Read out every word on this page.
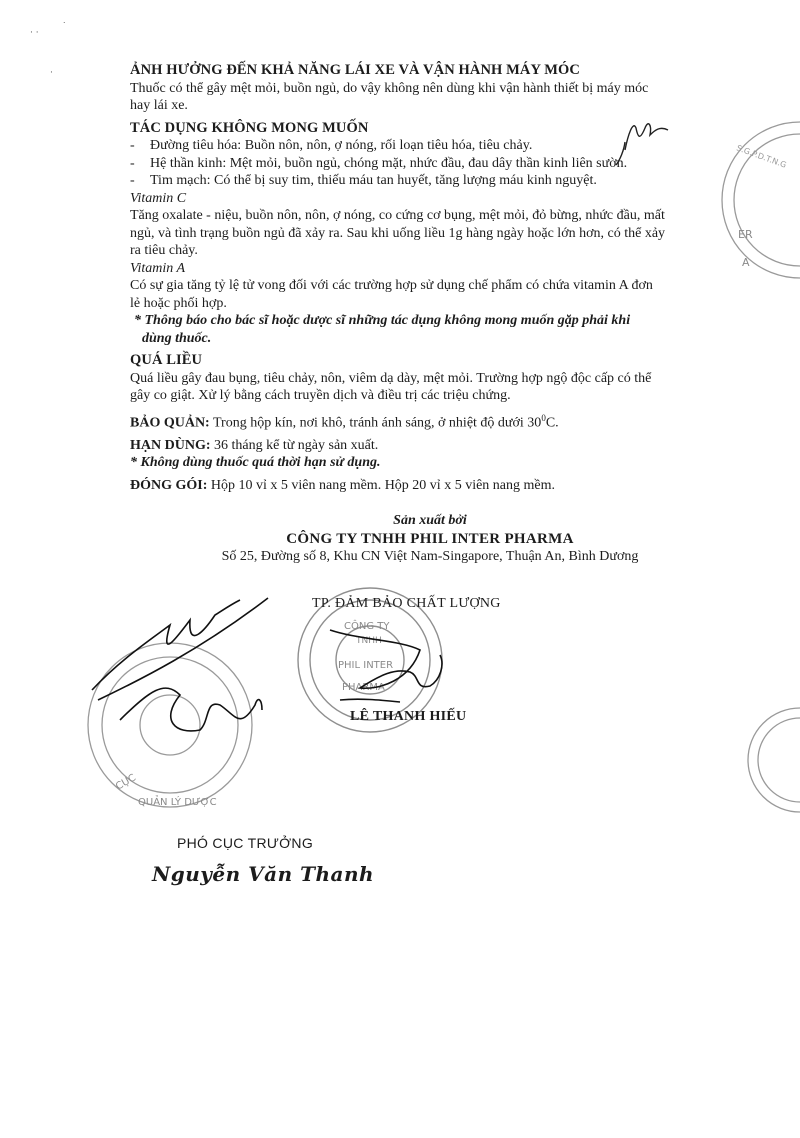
· ·
˙
·
ER
A
S.G.P.D.T.N.G
CÔNG TY
TNHH
PHIL INTER
PHARMA
CỤC
QUẢN LÝ DƯỢC
ẢNH HƯỞNG ĐẾN KHẢ NĂNG LÁI XE VÀ VẬN HÀNH MÁY MÓC

Thuốc có thể gây mệt mỏi, buồn ngủ, do vậy không nên dùng khi vận hành thiết bị máy móc

hay lái xe.

TÁC DỤNG KHÔNG MONG MUỐN
- Đường tiêu hóa: Buồn nôn, nôn, ợ nóng, rối loạn tiêu hóa, tiêu chảy.
- Hệ thần kinh: Mệt mỏi, buồn ngủ, chóng mặt, nhức đầu, đau dây thần kinh liên sườn.
- Tim mạch: Có thể bị suy tim, thiếu máu tan huyết, tăng lượng máu kinh nguyệt.
Vitamin C

Tăng oxalate - niệu, buồn nôn, nôn, ợ nóng, co cứng cơ bụng, mệt mỏi, đỏ bừng, nhức đầu, mất

ngủ, và tình trạng buồn ngủ đã xảy ra. Sau khi uống liều 1g hàng ngày hoặc lớn hơn, có thể xảy

ra tiêu chảy.

Vitamin A

Có sự gia tăng tỷ lệ tử vong đối với các trường hợp sử dụng chế phẩm có chứa vitamin A đơn

lẻ hoặc phối hợp.

* Thông báo cho bác sĩ hoặc dược sĩ những tác dụng không mong muốn gặp phải khi

dùng thuốc.

QUÁ LIỀU

Quá liều gây đau bụng, tiêu chảy, nôn, viêm dạ dày, mệt mỏi. Trường hợp ngộ độc cấp có thể

gây co giật. Xử lý bằng cách truyền dịch và điều trị các triệu chứng.

BẢO QUẢN: Trong hộp kín, nơi khô, tránh ánh sáng, ở nhiệt độ dưới $30^0C$.

HẠN DÙNG: 36 tháng kể từ ngày sản xuất.

* Không dùng thuốc quá thời hạn sử dụng.

ĐÓNG GÓI: Hộp 10 vỉ x 5 viên nang mềm. Hộp 20 vỉ x 5 viên nang mềm.

Sản xuất bởi
CÔNG TY TNHH PHIL INTER PHARMA
Số 25, Đường số 8, Khu CN Việt Nam-Singapore, Thuận An, Bình Dương
TP. ĐẢM BẢO CHẤT LƯỢNG
LÊ THANH HIẾU
PHÓ CỤC TRƯỞNG
Nguyễn Văn Thanh
